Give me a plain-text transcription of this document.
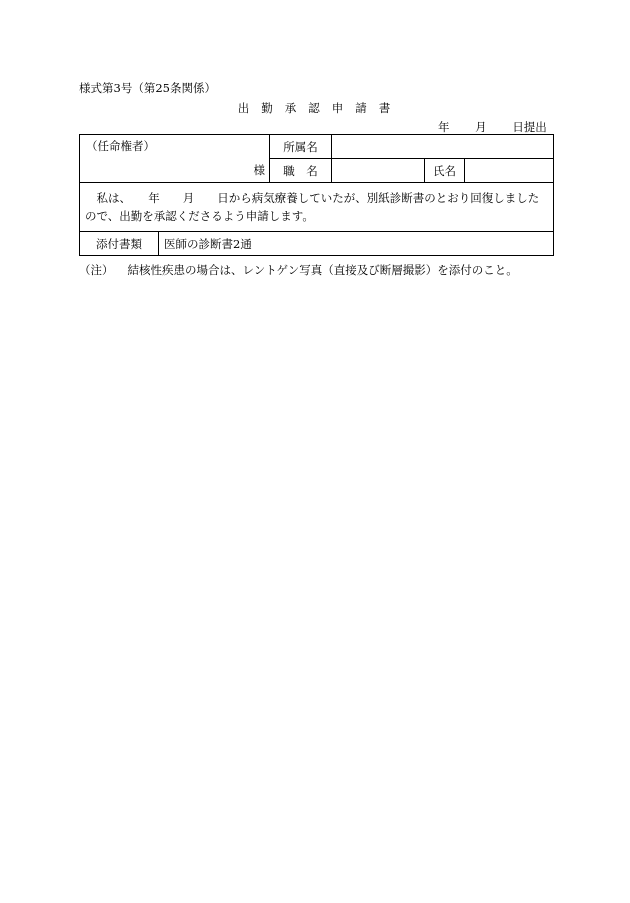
様式第3号（第25条関係）
出勤承認申請書
年 月 日提出
（任命権者）
様		所属名			
		職　名		氏名	
私は、　　年　　月　　日から病気療養していたが、別紙診断書のとおり回復しましたので、出勤を承認くださるよう申請します。					
添付書類	医師の診断書2通				
（注） 結核性疾患の場合は、レントゲン写真（直接及び断層撮影）を添付のこと。
